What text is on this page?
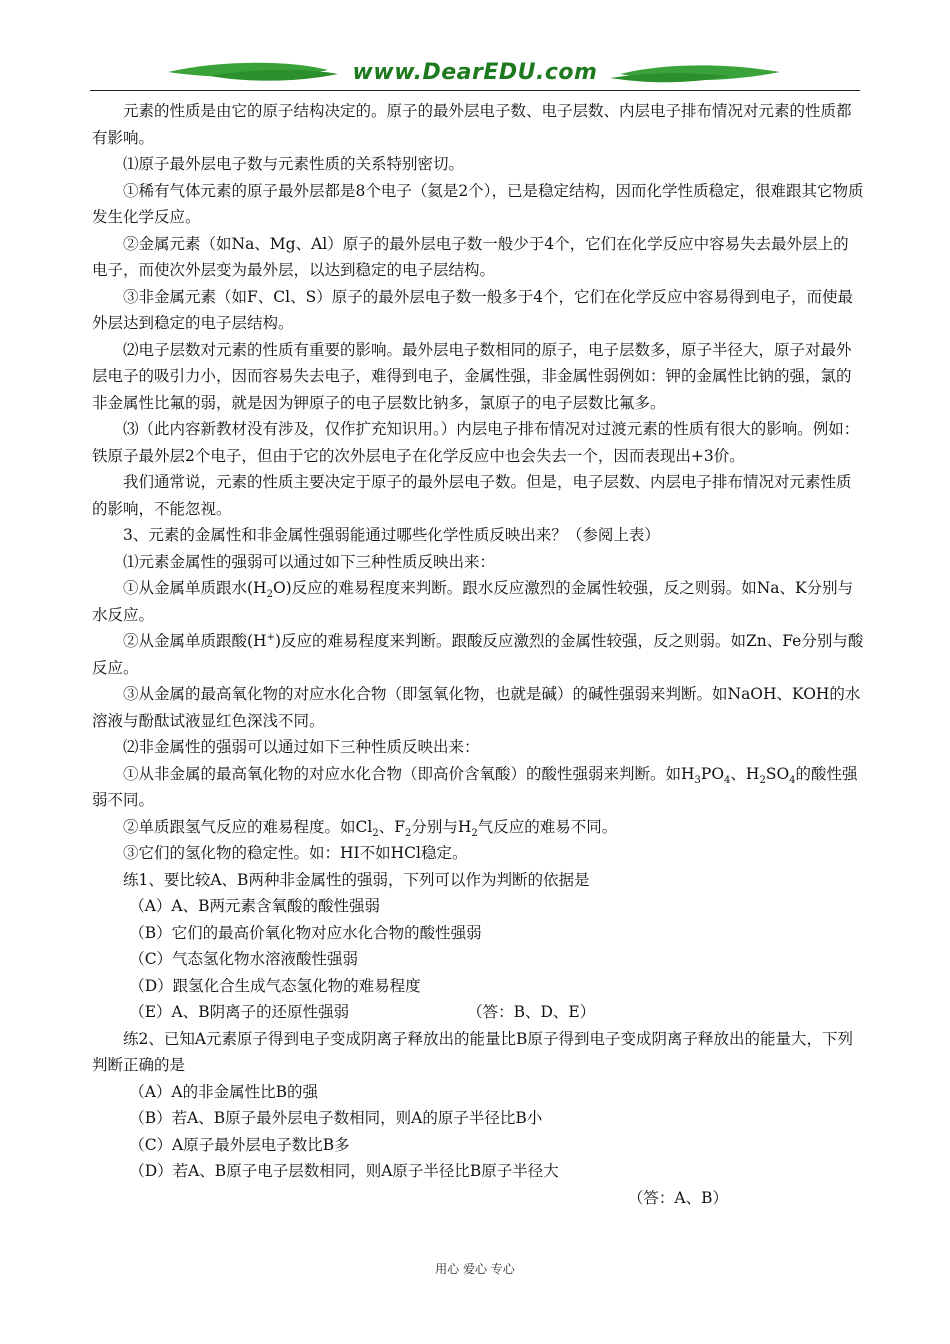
www.DearEDU.com

元素的性质是由它的原子结构决定的。原子的最外层电子数、电子层数、内层电子排布情况对元素的性质都有影响。

⑴原子最外层电子数与元素性质的关系特别密切。

①稀有气体元素的原子最外层都是8个电子（氦是2个），已是稳定结构，因而化学性质稳定，很难跟其它物质发生化学反应。

②金属元素（如Na、Mg、Al）原子的最外层电子数一般少于4个，它们在化学反应中容易失去最外层上的电子，而使次外层变为最外层，以达到稳定的电子层结构。

③非金属元素（如F、Cl、S）原子的最外层电子数一般多于4个，它们在化学反应中容易得到电子，而使最外层达到稳定的电子层结构。

⑵电子层数对元素的性质有重要的影响。最外层电子数相同的原子，电子层数多，原子半径大，原子对最外层电子的吸引力小，因而容易失去电子，难得到电子，金属性强，非金属性弱例如：钾的金属性比钠的强，氯的非金属性比氟的弱，就是因为钾原子的电子层数比钠多，氯原子的电子层数比氟多。

⑶（此内容新教材没有涉及，仅作扩充知识用。）内层电子排布情况对过渡元素的性质有很大的影响。例如：铁原子最外层2个电子，但由于它的次外层电子在化学反应中也会失去一个，因而表现出+3价。

我们通常说，元素的性质主要决定于原子的最外层电子数。但是，电子层数、内层电子排布情况对元素性质的影响，不能忽视。

3、元素的金属性和非金属性强弱能通过哪些化学性质反映出来？（参阅上表）

⑴元素金属性的强弱可以通过如下三种性质反映出来：

①从金属单质跟水$(H_2O)$反应的难易程度来判断。跟水反应激烈的金属性较强，反之则弱。如Na、K分别与水反应。

②从金属单质跟酸(H+)反应的难易程度来判断。跟酸反应激烈的金属性较强，反之则弱。如Zn、Fe分别与酸反应。

③从金属的最高氧化物的对应水化合物（即氢氧化物，也就是碱）的碱性强弱来判断。如NaOH、KOH的水溶液与酚酞试液显红色深浅不同。

⑵非金属性的强弱可以通过如下三种性质反映出来：

①从非金属的最高氧化物的对应水化合物（即高价含氧酸）的酸性强弱来判断。如$H_3PO_4$、$H_2SO_4$的酸性强弱不同。

②单质跟氢气反应的难易程度。如$Cl_2$、$F_2$分别与$H_2$气反应的难易不同。

③它们的氢化物的稳定性。如：HI不如HCl稳定。

练1、要比较A、B两种非金属性的强弱，下列可以作为判断的依据是

（A）A、B两元素含氧酸的酸性强弱

（B）它们的最高价氧化物对应水化合物的酸性强弱

（C）气态氢化物水溶液酸性强弱

（D）跟氢化合生成气态氢化物的难易程度

（E）A、B阴离子的还原性强弱	（答：B、D、E）

练2、已知A元素原子得到电子变成阴离子释放出的能量比B原子得到电子变成阴离子释放出的能量大，下列判断正确的是

（A）A的非金属性比B的强

（B）若A、B原子最外层电子数相同，则A的原子半径比B小

（C）A原子最外层电子数比B多

（D）若A、B原子电子层数相同，则A原子半径比B原子半径大

（答：A、B）

用心 爱心 专心
